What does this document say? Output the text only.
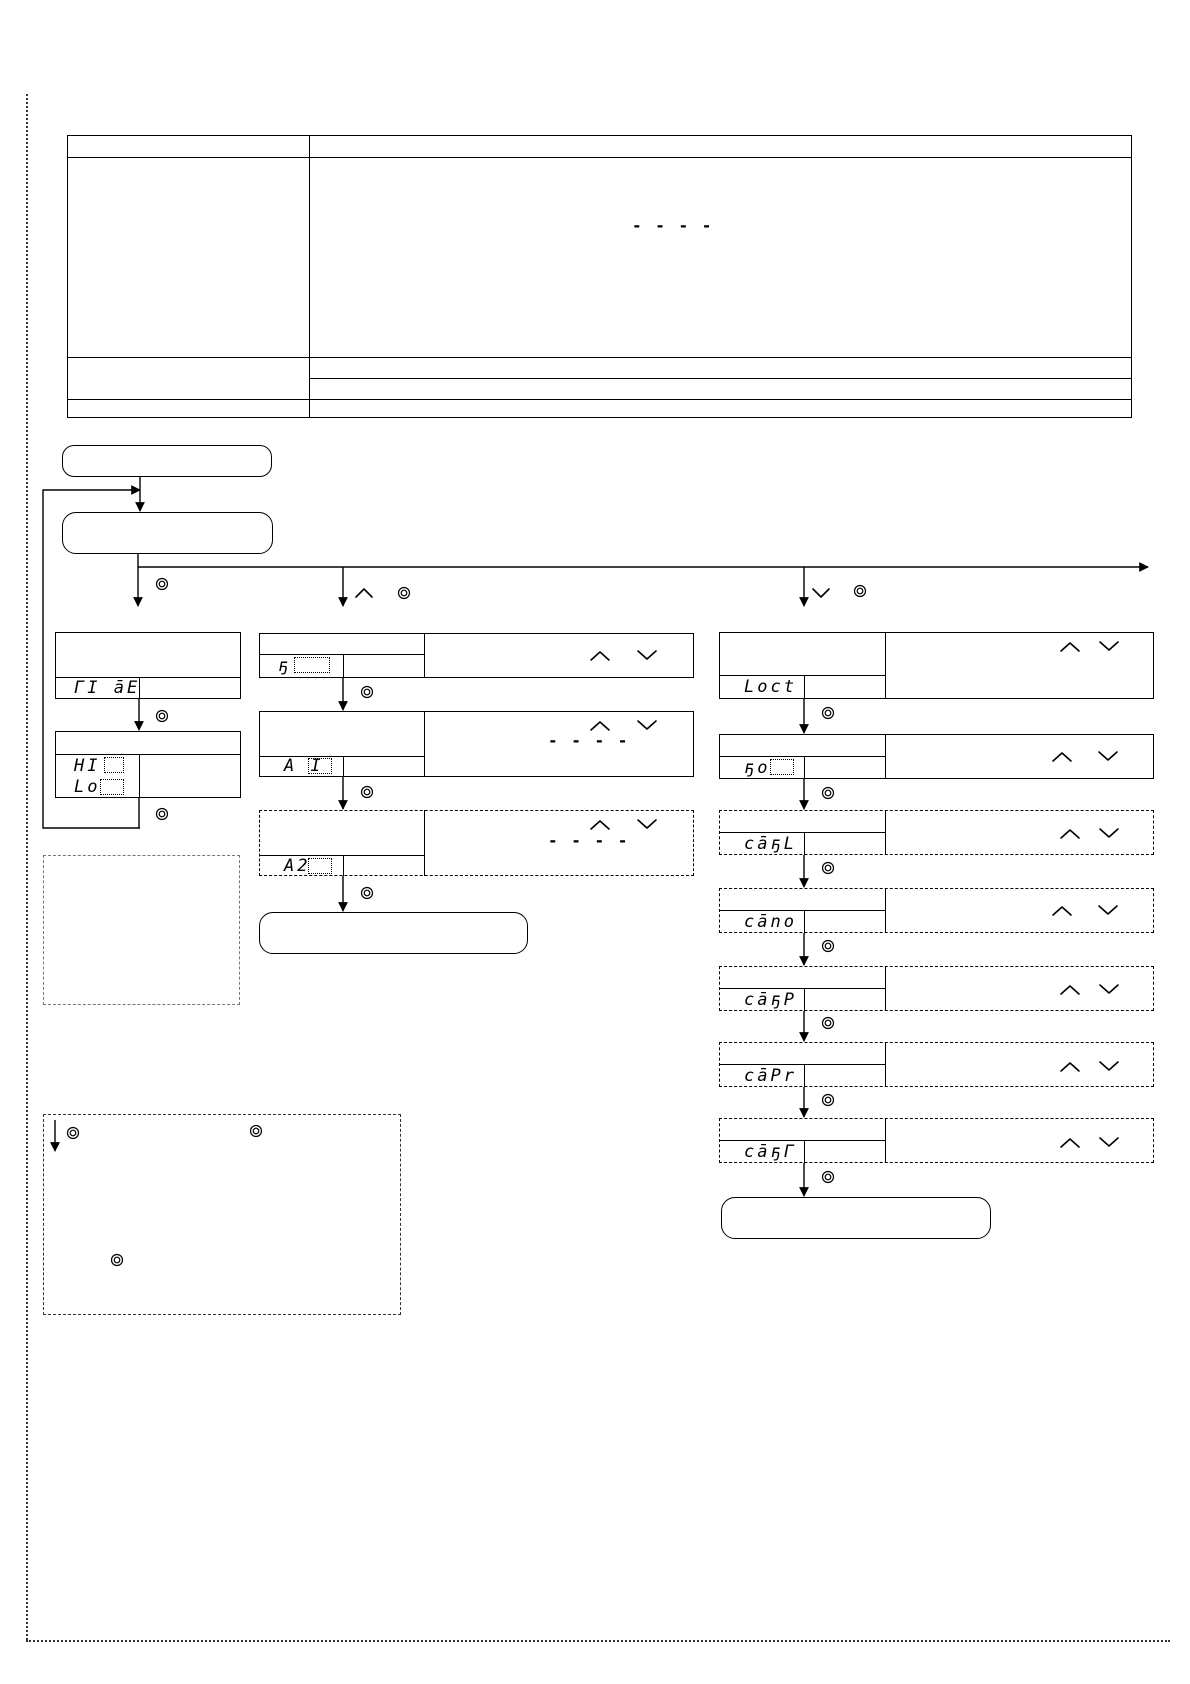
- - - -
ΓI āE
HI
Lo
ҕ
A I
- - - -
A2
- - - -
Loct
ҕo
cāҕL
cāno
cāҕP
cāPr
cāҕΓ
